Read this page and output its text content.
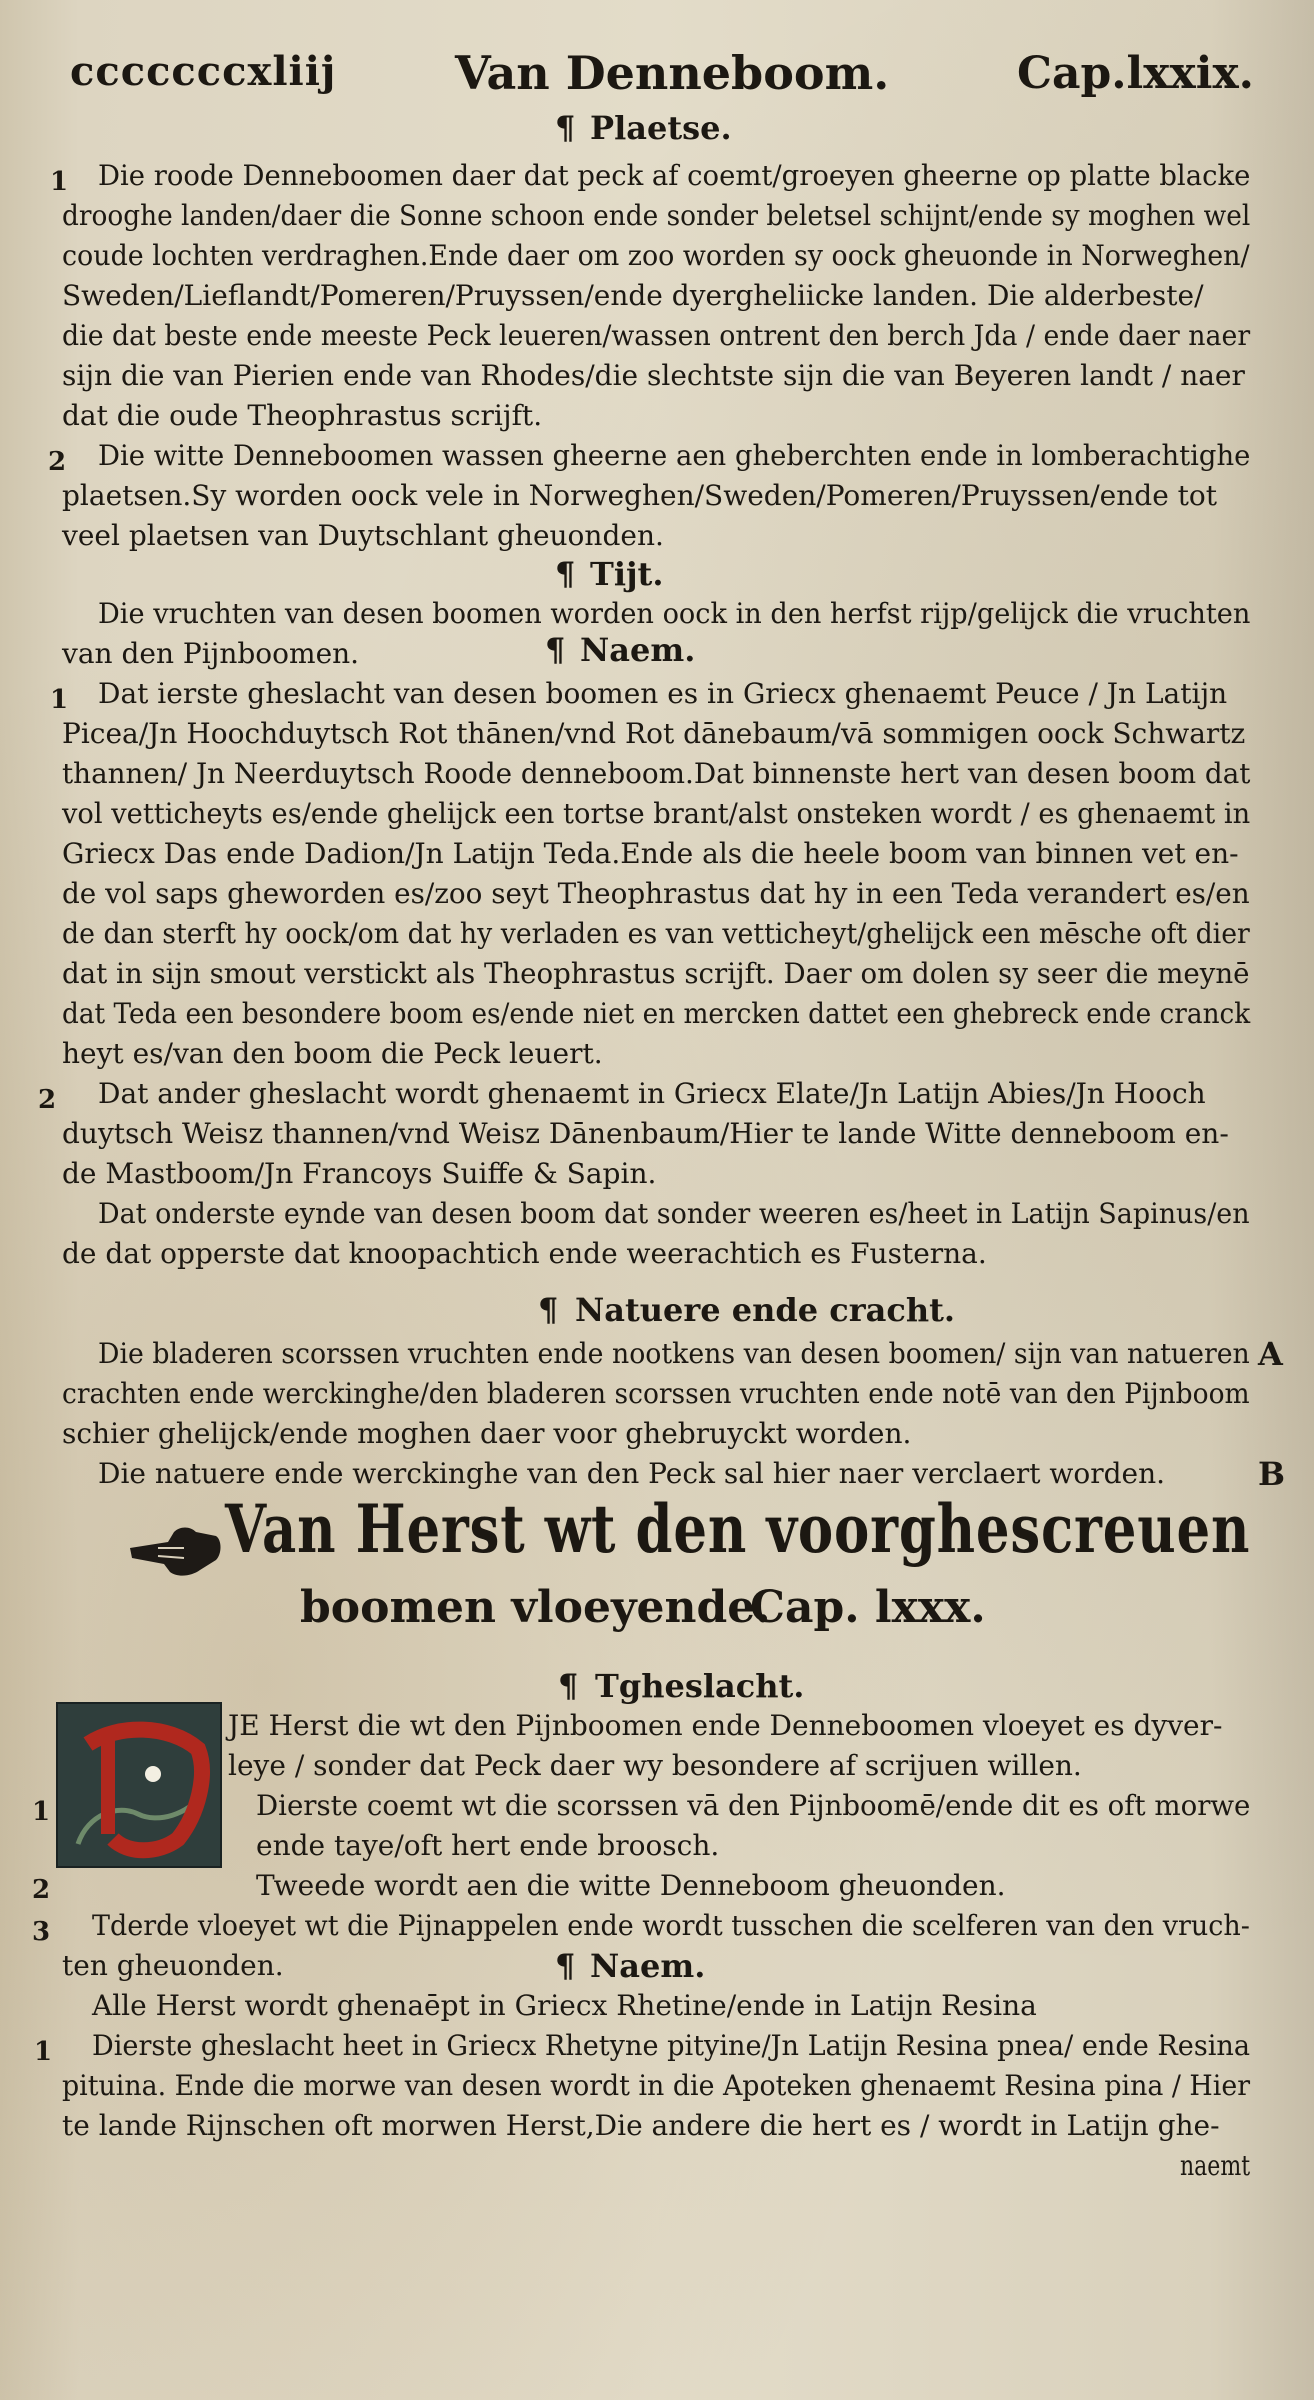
cccccccxliij	Van Denneboom.	Cap.lxxix.
¶ Plaetse.
1 Die roode Denneboomen daer dat peck af coemt/groeyen gheerne op platte blacke
drooghe landen/daer die Sonne schoon ende sonder beletsel schijnt/ende sy moghen wel
coude lochten verdraghen.Ende daer om zoo worden sy oock gheuonde in Norweghen/
Sweden/Lieflandt/Pomeren/Pruyssen/ende dyergheliicke landen. Die alderbeste/
die dat beste ende meeste Peck leueren/wassen ontrent den berch Jda / ende daer naer
sijn die van Pierien ende van Rhodes/die slechtste sijn die van Beyeren landt / naer
dat die oude Theophrastus scrijft.
2 Die witte Denneboomen wassen gheerne aen gheberchten ende in lomberachtighe
plaetsen.Sy worden oock vele in Norweghen/Sweden/Pomeren/Pruyssen/ende tot
veel plaetsen van Duytschlant gheuonden.
¶ Tijt.
Die vruchten van desen boomen worden oock in den herfst rijp/gelijck die vruchten
van den Pijnboomen.	¶ Naem.
1 Dat ierste gheslacht van desen boomen es in Griecx ghenaemt Peuce / Jn Latijn
Picea/Jn Hoochduytsch Rot thānen/vnd Rot dānebaum/vā sommigen oock Schwartz
thannen/ Jn Neerduytsch Roode denneboom.Dat binnenste hert van desen boom dat
vol vetticheyts es/ende ghelijck een tortse brant/alst onsteken wordt / es ghenaemt in
Griecx Das ende Dadion/Jn Latijn Teda.Ende als die heele boom van binnen vet en-
de vol saps gheworden es/zoo seyt Theophrastus dat hy in een Teda verandert es/en
de dan sterft hy oock/om dat hy verladen es van vetticheyt/ghelijck een mēsche oft dier
dat in sijn smout verstickt als Theophrastus scrijft. Daer om dolen sy seer die meynē
dat Teda een besondere boom es/ende niet en mercken dattet een ghebreck ende cranck
heyt es/van den boom die Peck leuert.
2 Dat ander gheslacht wordt ghenaemt in Griecx Elate/Jn Latijn Abies/Jn Hooch
duytsch Weisz thannen/vnd Weisz Dānenbaum/Hier te lande Witte denneboom en-
de Mastboom/Jn Francoys Suiffe & Sapin.
Dat onderste eynde van desen boom dat sonder weeren es/heet in Latijn Sapinus/en
de dat opperste dat knoopachtich ende weerachtich es Fusterna.
¶ Natuere ende cracht.
Die bladeren scorssen vruchten ende nootkens van desen boomen/ sijn van natueren A
crachten ende werckinghe/den bladeren scorssen vruchten ende notē van den Pijnboom
schier ghelijck/ende moghen daer voor ghebruyckt worden.
Die natuere ende werckinghe van den Peck sal hier naer verclaert worden.	B
Van Herst wt den voorghescreuen
boomen vloeyende.
Cap. lxxx.
¶ Tgheslacht.
JE Herst die wt den Pijnboomen ende Denneboomen vloeyet es dyver-
leye / sonder dat Peck daer wy besondere af scrijuen willen.
1	Dierste coemt wt die scorssen vā den Pijnboomē/ende dit es oft morwe
ende taye/oft hert ende broosch.
2	Tweede wordt aen die witte Denneboom gheuonden.
3 Tderde vloeyet wt die Pijnappelen ende wordt tusschen die scelferen van den vruch-
ten gheuonden.	¶ Naem.
Alle Herst wordt ghenaēpt in Griecx Rhetine/ende in Latijn Resina
1 Dierste gheslacht heet in Griecx Rhetyne pityine/Jn Latijn Resina pnea/ ende Resina
pituina. Ende die morwe van desen wordt in die Apoteken ghenaemt Resina pina / Hier
te lande Rijnschen oft morwen Herst,Die andere die hert es / wordt in Latijn ghe-
naemt
